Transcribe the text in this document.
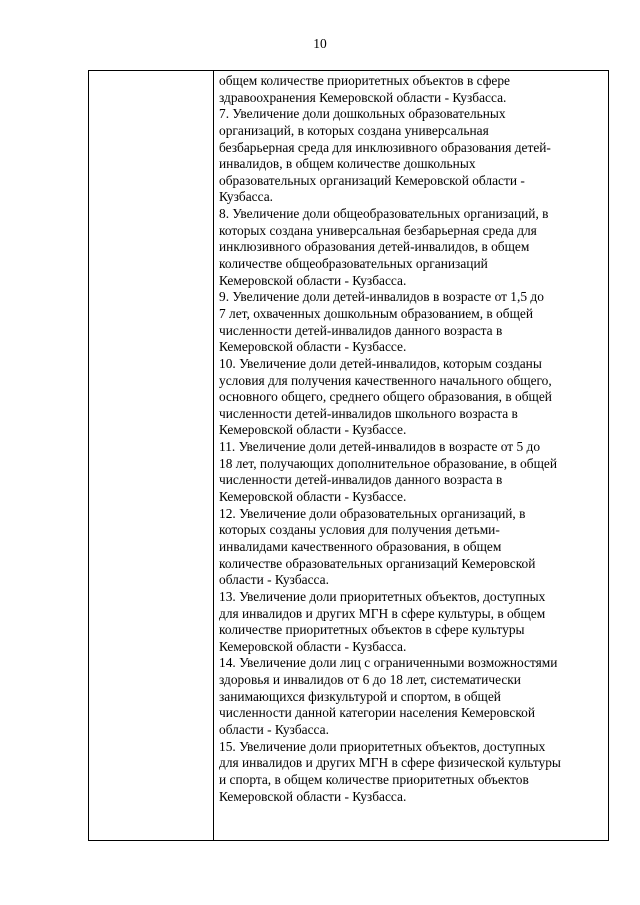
10
общем количестве приоритетных объектов в сфере
здравоохранения Кемеровской области - Кузбасса.
7. Увеличение доли дошкольных образовательных
организаций, в которых создана универсальная
безбарьерная среда для инклюзивного образования детей-
инвалидов, в общем количестве дошкольных
образовательных организаций Кемеровской области -
Кузбасса.
8. Увеличение доли общеобразовательных организаций, в
которых создана универсальная безбарьерная среда для
инклюзивного образования детей-инвалидов, в общем
количестве общеобразовательных организаций
Кемеровской области - Кузбасса.
9. Увеличение доли детей-инвалидов в возрасте от 1,5 до
7 лет, охваченных дошкольным образованием, в общей
численности детей-инвалидов данного возраста в
Кемеровской области - Кузбассе.
10. Увеличение доли детей-инвалидов, которым созданы
условия для получения качественного начального общего,
основного общего, среднего общего образования, в общей
численности детей-инвалидов школьного возраста в
Кемеровской области - Кузбассе.
11. Увеличение доли детей-инвалидов в возрасте от 5 до
18 лет, получающих дополнительное образование, в общей
численности детей-инвалидов данного возраста в
Кемеровской области - Кузбассе.
12. Увеличение доли образовательных организаций, в
которых созданы условия для получения детьми-
инвалидами качественного образования, в общем
количестве образовательных организаций Кемеровской
области - Кузбасса.
13. Увеличение доли приоритетных объектов, доступных
для инвалидов и других МГН в сфере культуры, в общем
количестве приоритетных объектов в сфере культуры
Кемеровской области - Кузбасса.
14. Увеличение доли лиц с ограниченными возможностями
здоровья и инвалидов от 6 до 18 лет, систематически
занимающихся физкультурой и спортом, в общей
численности данной категории населения Кемеровской
области - Кузбасса.
15. Увеличение доли приоритетных объектов, доступных
для инвалидов и других МГН в сфере физической культуры
и спорта, в общем количестве приоритетных объектов
Кемеровской области - Кузбасса.
